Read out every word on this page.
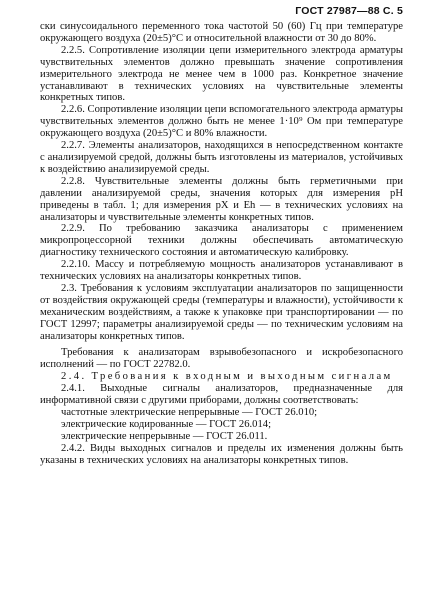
ГОСТ 27987—88 С. 5

ски синусоидального переменного тока частотой 50 (60) Гц при температуре окружающего воздуха (20±5)°С и относительной влажности от 30 до 80%.

2.2.5. Сопротивление изоляции цепи измерительного электрода арматуры чувствительных элементов должно превышать значение сопротивления измерительного электрода не менее чем в 1000 раз. Конкретное значение устанавливают в технических условиях на чувствительные элементы конкретных типов.

2.2.6. Сопротивление изоляции цепи вспомогательного электрода арматуры чувствительных элементов должно быть не менее 1·10⁹ Ом при температуре окружающего воздуха (20±5)°С и 80% влажности.

2.2.7. Элементы анализаторов, находящихся в непосредственном контакте с анализируемой средой, должны быть изготовлены из материалов, устойчивых к воздействию анализируемой среды.

2.2.8. Чувствительные элементы должны быть герметичными при давлении анализируемой среды, значения которых для измерения рН приведены в табл. 1; для измерения рX и Eh — в технических условиях на анализаторы и чувствительные элементы конкретных типов.

2.2.9. По требованию заказчика анализаторы с применением микропроцессорной техники должны обеспечивать автоматическую диагностику технического состояния и автоматическую калибровку.

2.2.10. Массу и потребляемую мощность анализаторов устанавливают в технических условиях на анализаторы конкретных типов.

2.3. Требования к условиям эксплуатации анализаторов по защищенности от воздействия окружающей среды (температуры и влажности), устойчивости к механическим воздействиям, а также к упаковке при транспортировании — по ГОСТ 12997; параметры анализируемой среды — по техническим условиям на анализаторы конкретных типов.

Требования к анализаторам взрывобезопасного и искробезопасного исполнений — по ГОСТ 22782.0.

2.4. Требования к входным и выходным сигналам

2.4.1. Выходные сигналы анализаторов, предназначенные для информативной связи с другими приборами, должны соответствовать:

частотные электрические непрерывные — ГОСТ 26.010;

электрические кодированные — ГОСТ 26.014;

электрические непрерывные — ГОСТ 26.011.

2.4.2. Виды выходных сигналов и пределы их изменения должны быть указаны в технических условиях на анализаторы конкретных типов.
